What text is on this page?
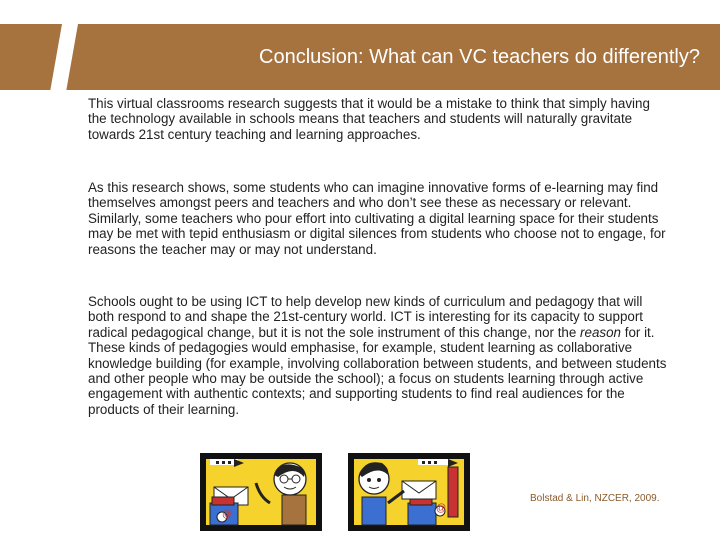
Conclusion: What can VC teachers do differently?

This virtual classrooms research suggests that it would be a mistake to think that simply having the technology available in schools means that teachers and students will naturally gravitate towards 21st century teaching and learning approaches.

As this research shows, some students who can imagine innovative forms of e-learning may find themselves amongst peers and teachers and who don’t see these as necessary or relevant. Similarly, some teachers who pour effort into cultivating a digital learning space for their students may be met with tepid enthusiasm or digital silences from students who choose not to engage, for reasons the teacher may or may not understand.

Schools ought to be using ICT to help develop new kinds of curriculum and pedagogy that will both respond to and shape the 21st-century world. ICT is interesting for its capacity to support radical pedagogical change, but it is not the sole instrument of this change, nor the reason for it. These kinds of pedagogies would emphasise, for example, student learning as collaborative knowledge building (for example, involving collaboration between students, and between students and other people who may be outside the school); a focus on students learning through active engagement with authentic contexts; and supporting students to find real audiences for the products of their learning.

@
@
Bolstad & Lin, NZCER, 2009.
